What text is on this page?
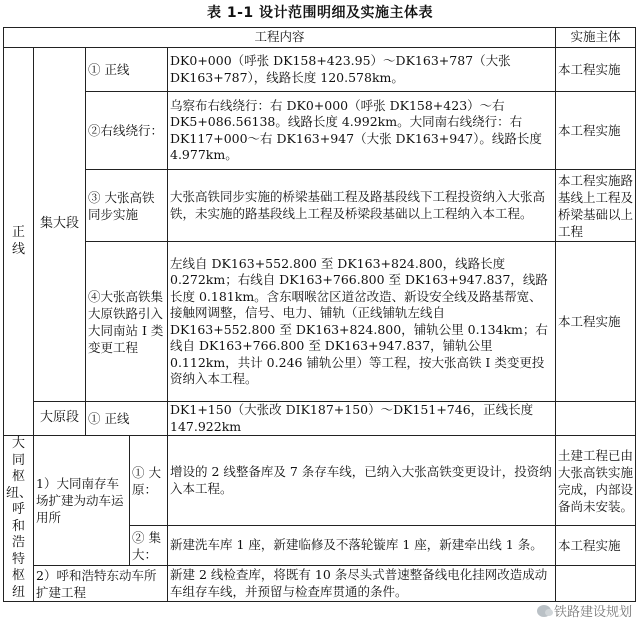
表 1-1 设计范围明细及实施主体表
工程内容					实施主体
正线	集大段	① 正线		DK0+000（呼张 DK158+423.95）～DK163+787（大张 DK163+787），线路长度 120.578km。	本工程实施
		②右线绕行：		乌察布右线绕行：右 DK0+000（呼张 DK158+423）～右 DK5+086.56138。线路长度 4.992km。大同南右线绕行：右 DK117+000～右 DK163+947（大张 DK163+947）。线路长度 4.977km。	本工程实施
		③ 大张高铁同步实施		大张高铁同步实施的桥梁基础工程及路基段线下工程投资纳入大张高铁，未实施的路基段线上工程及桥梁段基础以上工程纳入本工程。	本工程实施路基线上工程及桥梁基础以上工程
		④大张高铁集大原铁路引入大同南站 I 类变更工程		左线自 DK163+552.800 至 DK163+824.800，线路长度 0.272km；右线自 DK163+766.800 至 DK163+947.837，线路长度 0.181km。含东咽喉岔区道岔改造、新设安全线及路基帮宽、接触网调整，信号、电力、铺轨（正线铺轨左线自 DK163+552.800 至 DK163+824.800，铺轨公里 0.134km；右线自 DK163+766.800 至 DK163+947.837，铺轨公里 0.112km，共计 0.246 铺轨公里）等工程，按大张高铁 I 类变更投资纳入本工程。	本工程实施
	大原段	① 正线		DK1+150（大张改 DIK187+150）～DK151+746，正线长度 147.922km	
大同枢纽、呼和浩特枢纽	1）大同南存车场扩建为动车运用所		① 大原：	增设的 2 线整备库及 7 条存车线，已纳入大张高铁变更设计，投资纳入本工程。	土建工程已由大张高铁实施完成，内部设备尚未安装。
			② 集大：	新建洗车库 1 座，新建临修及不落轮镟库 1 座，新建牵出线 1 条。	本工程实施
	2）呼和浩特东动车所扩建工程			新建 2 线检查库，将既有 10 条尽头式普速整备线电化挂网改造成动车组存车线，并预留与检查库贯通的条件。	
铁路建设规划
